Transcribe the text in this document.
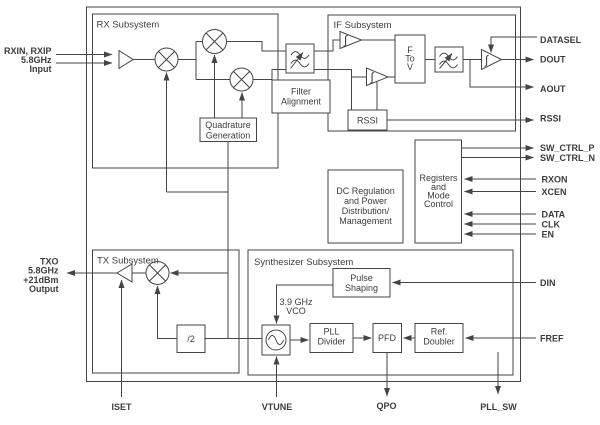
RX Subsystem	IF Subsystem
TX Subsystem	Synthesizer Subsystem
Quadrature
Generation
Filter
Alignment
∫
∫
F
To
V	∫
RSSI
DC Regulation
and Power
Distribution/
Management
Registers
and
Mode
Control
/2
Pulse
Shaping
3.9 GHz
VCO
PLL
Divider	PFD
Ref.
Doubler
RXIN, RXIP
5.8GHz
Input
TXO
5.8GHz
+21dBm
Output
DATASEL
DOUT
AOUT
RSSI
SW_CTRL_P
SW_CTRL_N
RXON
XCEN
DATA
CLK
EN
DIN
FREF
ISET	VTUNE	QPO	PLL_SW
